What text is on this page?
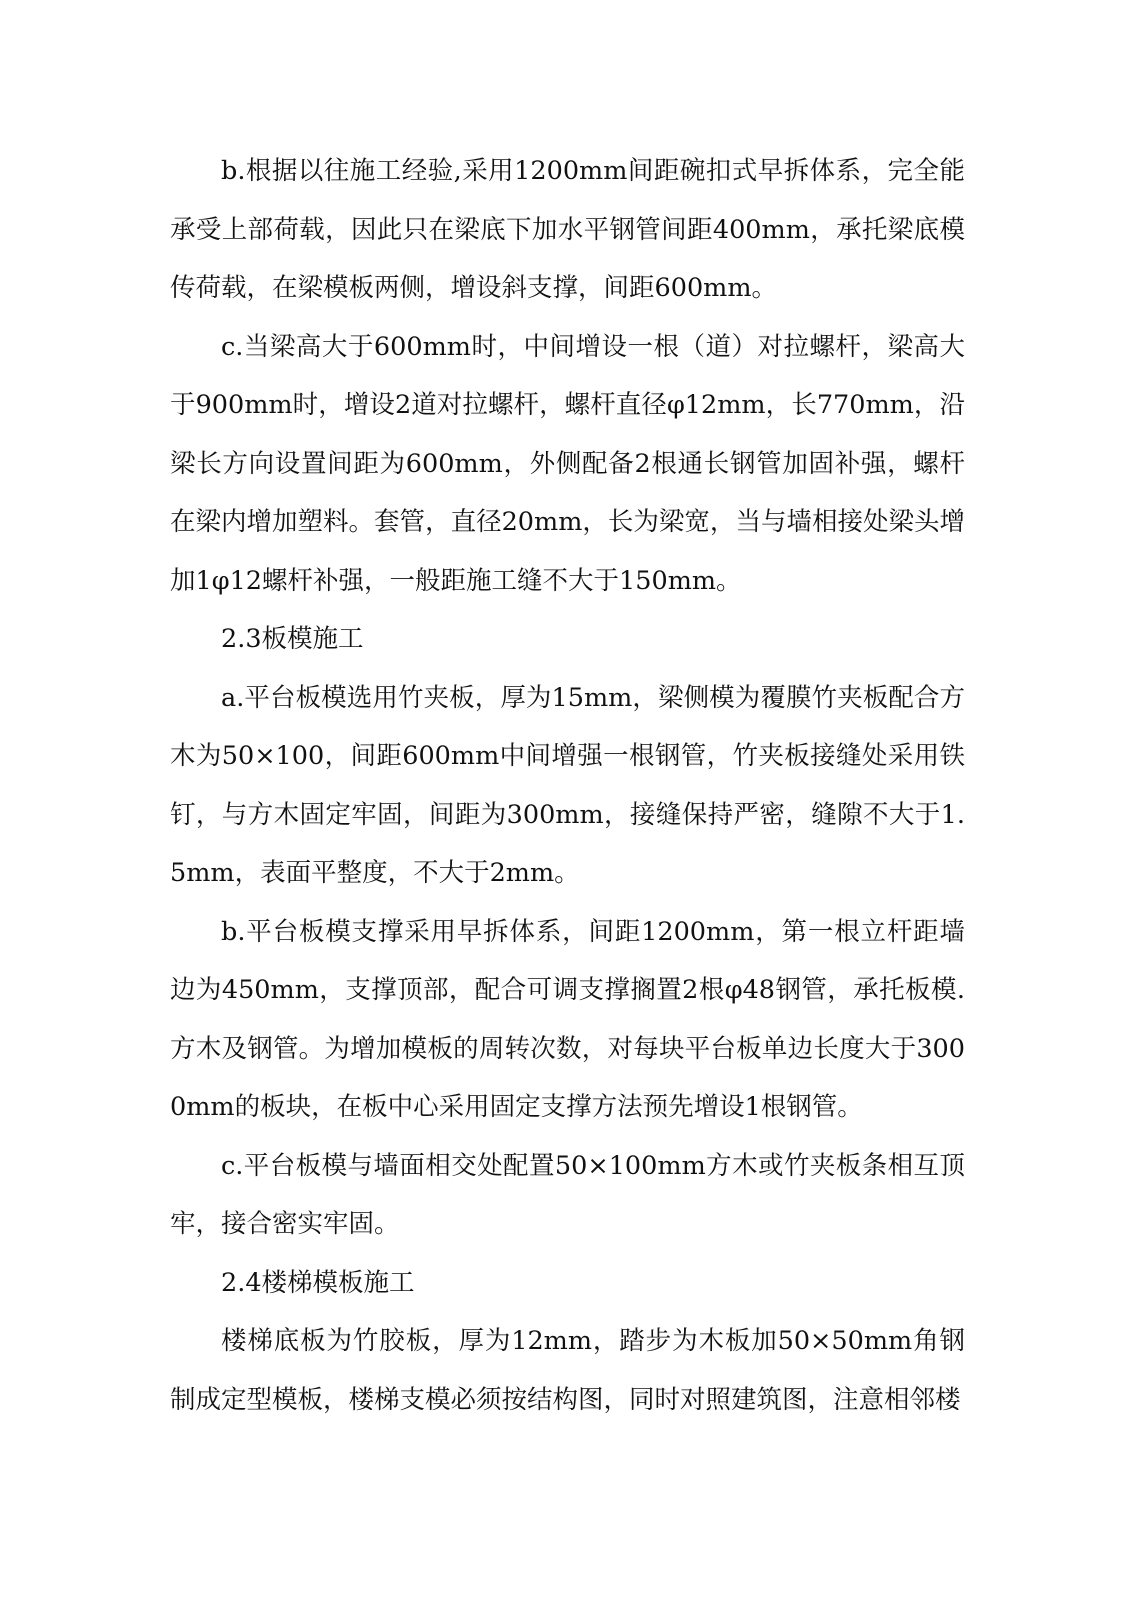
b.根据以往施工经验,采用1200mm间距碗扣式早拆体系，完全能承受上部荷载，因此只在梁底下加水平钢管间距400mm，承托梁底模传荷载，在梁模板两侧，增设斜支撑，间距600mm。

c.当梁高大于600mm时，中间增设一根（道）对拉螺杆，梁高大于900mm时，增设2道对拉螺杆，螺杆直径φ12mm，长770mm，沿梁长方向设置间距为600mm，外侧配备2根通长钢管加固补强，螺杆在梁内增加塑料。套管，直径20mm，长为梁宽，当与墙相接处梁头增加1φ12螺杆补强，一般距施工缝不大于150mm。

2.3板模施工

a.平台板模选用竹夹板，厚为15mm，梁侧模为覆膜竹夹板配合方木为50×100，间距600mm中间增强一根钢管，竹夹板接缝处采用铁钉，与方木固定牢固，间距为300mm，接缝保持严密，缝隙不大于1.5mm，表面平整度，不大于2mm。

b.平台板模支撑采用早拆体系，间距1200mm，第一根立杆距墙边为450mm，支撑顶部，配合可调支撑搁置2根φ48钢管，承托板模.方木及钢管。为增加模板的周转次数，对每块平台板单边长度大于3000mm的板块，在板中心采用固定支撑方法预先增设1根钢管。

c.平台板模与墙面相交处配置50×100mm方木或竹夹板条相互顶牢，接合密实牢固。

2.4楼梯模板施工

楼梯底板为竹胶板，厚为12mm，踏步为木板加50×50mm角钢制成定型模板，楼梯支模必须按结构图，同时对照建筑图，注意相邻楼
